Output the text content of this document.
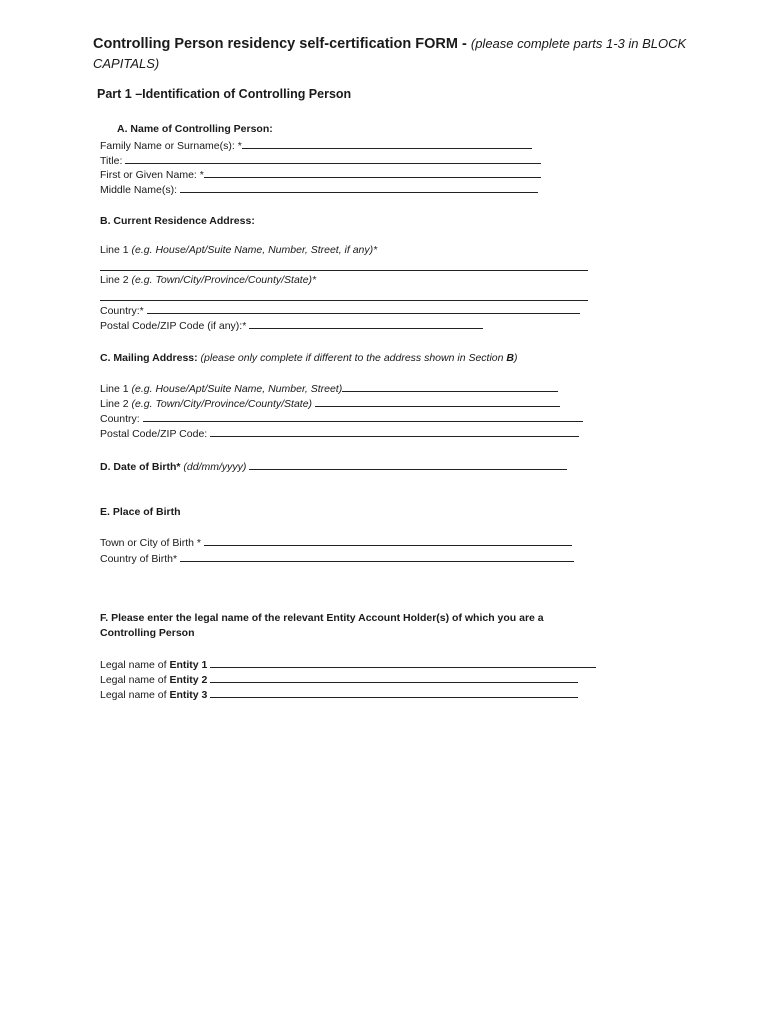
Controlling Person residency self-certification FORM - (please complete parts 1-3 in BLOCK CAPITALS)
Part 1 –Identification of Controlling Person
A. Name of Controlling Person:
Family Name or Surname(s): *
Title:
First or Given Name: *
Middle Name(s):
B. Current Residence Address:
Line 1 (e.g. House/Apt/Suite Name, Number, Street, if any)*
Line 2 (e.g. Town/City/Province/County/State)*
Country:*
Postal Code/ZIP Code (if any):*
C. Mailing Address: (please only complete if different to the address shown in Section B)
Line 1 (e.g. House/Apt/Suite Name, Number, Street)
Line 2 (e.g. Town/City/Province/County/State)
Country:
Postal Code/ZIP Code:
D. Date of Birth* (dd/mm/yyyy)
E. Place of Birth
Town or City of Birth *
Country of Birth*
F. Please enter the legal name of the relevant Entity Account Holder(s) of which you are a
Controlling Person
Legal name of Entity 1
Legal name of Entity 2
Legal name of Entity 3
